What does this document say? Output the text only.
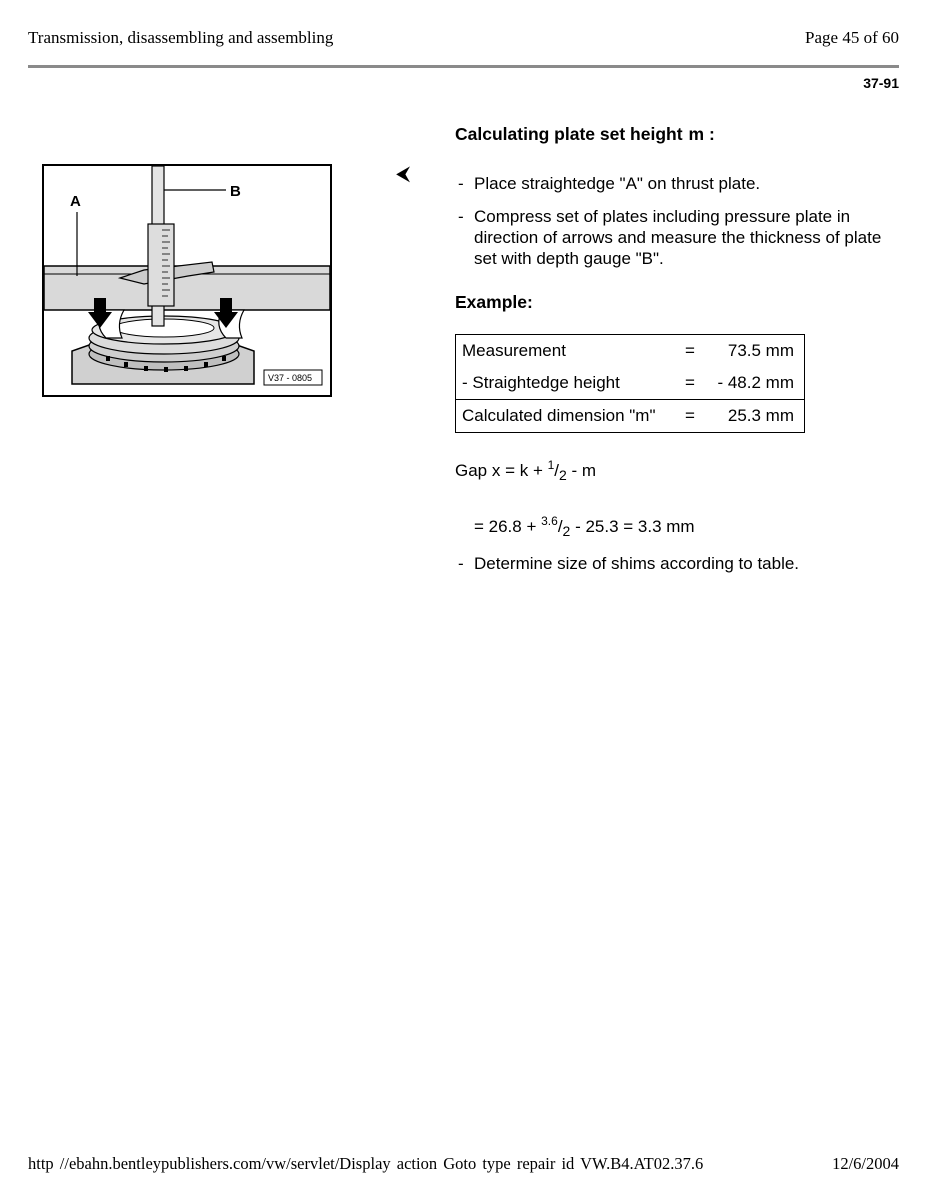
Transmission, disassembling and assembling	Page 45 of 60
37-91
A
B
V37 - 0805
⮜
Calculating plate set height m :
- Place straightedge "A" on thrust plate.
- Compress set of plates including pressure plate in direction of arrows and measure the thickness of plate set with depth gauge "B".
Example:
Measurement	= 73.5 mm
- Straightedge height	= - 48.2 mm
Calculated dimension "m" = 25.3 mm
Gap $x = k + ^1/_2 - m$
= $26.8 + ^{3.6}/_2 - 25.3 = 3.3$ mm
- Determine size of shims according to table.
http //ebahn.bentleypublishers.com/vw/servlet/Display action Goto type repair id VW.B4.AT02.37.6	12/6/2004
